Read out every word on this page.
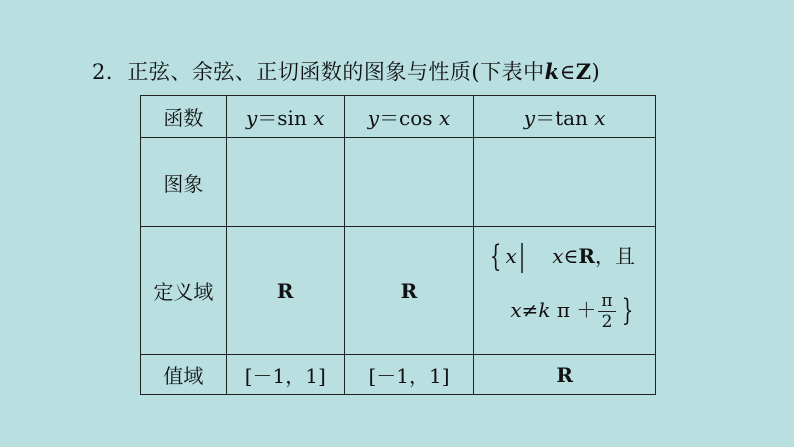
2．正弦、余弦、正切函数的图象与性质(下表中k∈Z)
函数	y＝sin x	y＝cos x	y＝tan x
图象			
定义域	R	R	{ x| x∈R，且
x≠k $\pi + \frac{\pi}{2}$ }

值域	[－1，1]	[－1，1]	R
